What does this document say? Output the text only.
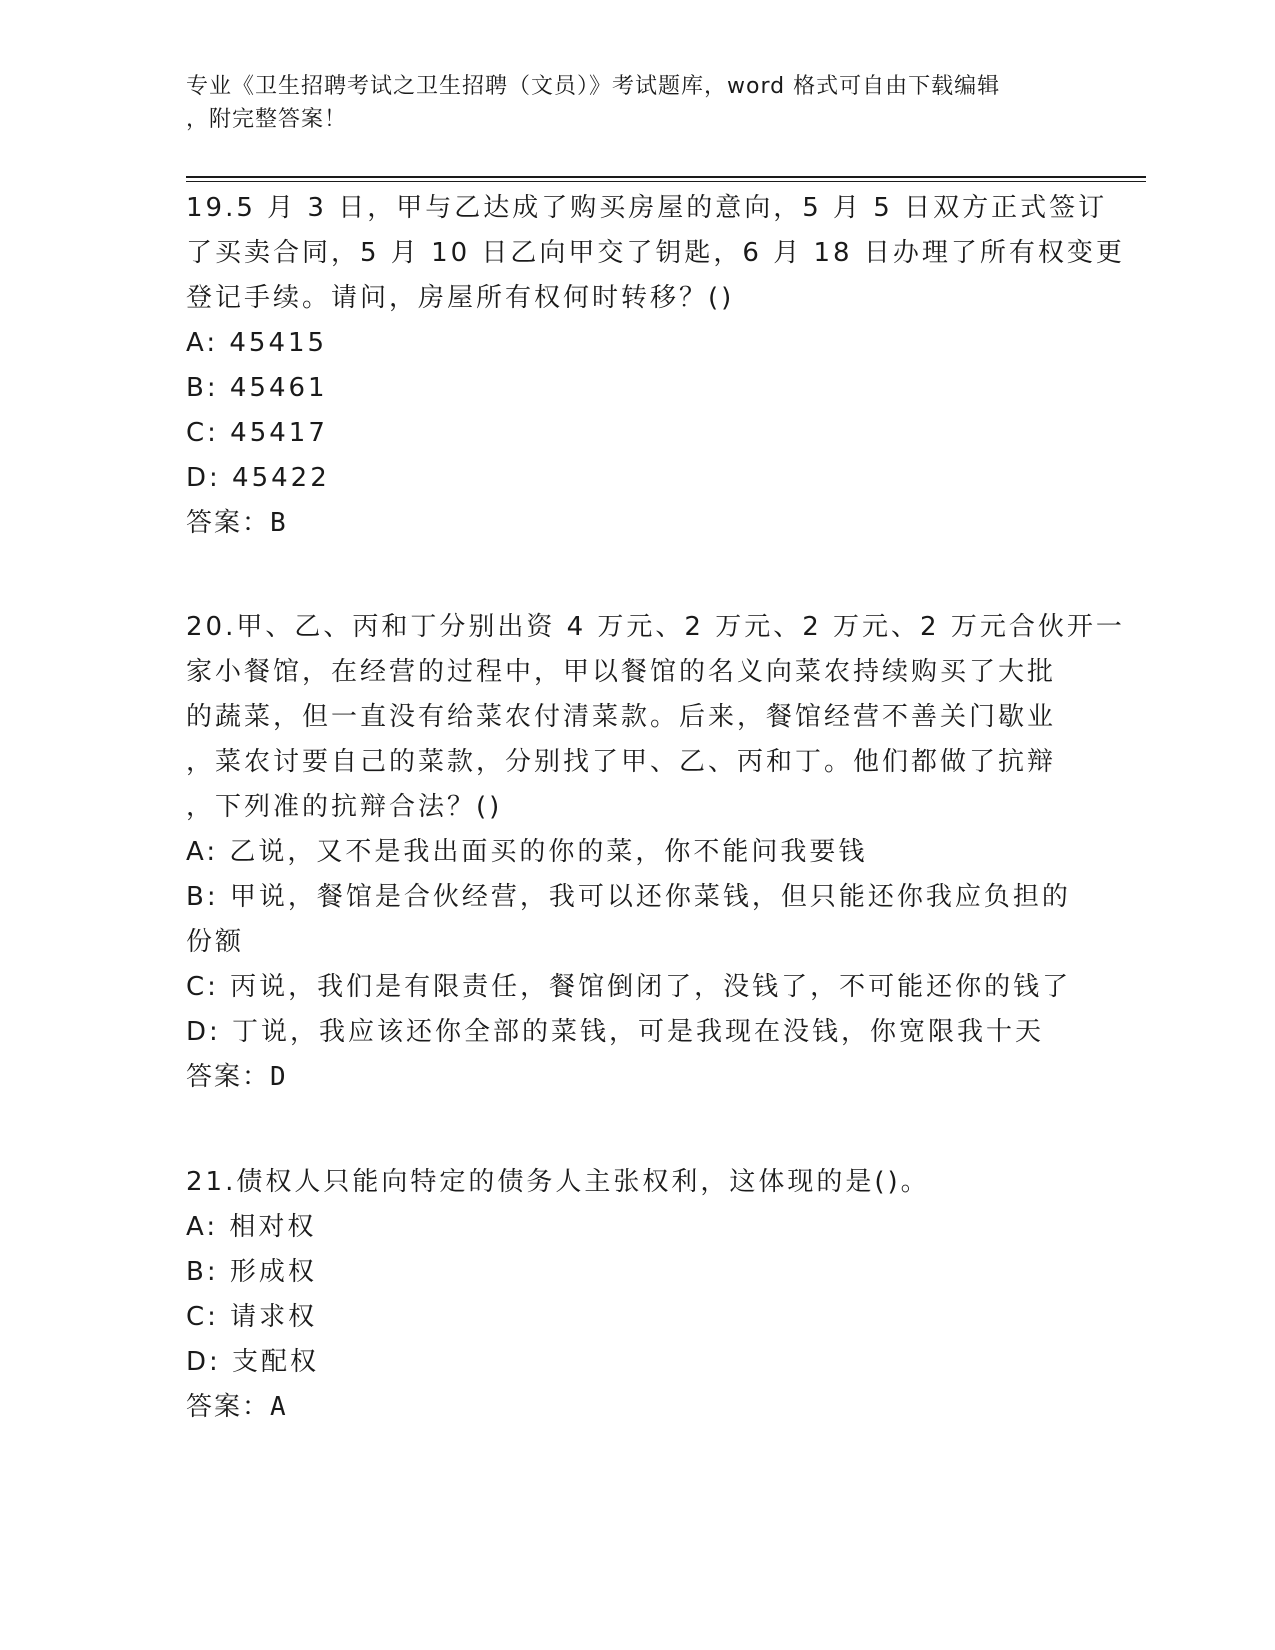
专业《卫生招聘考试之卫生招聘（文员）》考试题库，word 格式可自由下载编辑
，附完整答案！
19.5 月 3 日，甲与乙达成了购买房屋的意向，5 月 5 日双方正式签订
了买卖合同，5 月 10 日乙向甲交了钥匙，6 月 18 日办理了所有权变更
登记手续。请问，房屋所有权何时转移？()
A: 45415
B: 45461
C: 45417
D: 45422
答案：B
20.甲、乙、丙和丁分别出资 4 万元、2 万元、2 万元、2 万元合伙开一
家小餐馆，在经营的过程中，甲以餐馆的名义向菜农持续购买了大批
的蔬菜，但一直没有给菜农付清菜款。后来，餐馆经营不善关门歇业
，菜农讨要自己的菜款，分别找了甲、乙、丙和丁。他们都做了抗辩
，下列准的抗辩合法？()
A: 乙说，又不是我出面买的你的菜，你不能问我要钱
B: 甲说，餐馆是合伙经营，我可以还你菜钱，但只能还你我应负担的
份额
C: 丙说，我们是有限责任，餐馆倒闭了，没钱了，不可能还你的钱了
D: 丁说，我应该还你全部的菜钱，可是我现在没钱，你宽限我十天
答案：D
21.债权人只能向特定的债务人主张权利，这体现的是()。
A: 相对权
B: 形成权
C: 请求权
D: 支配权
答案：A
